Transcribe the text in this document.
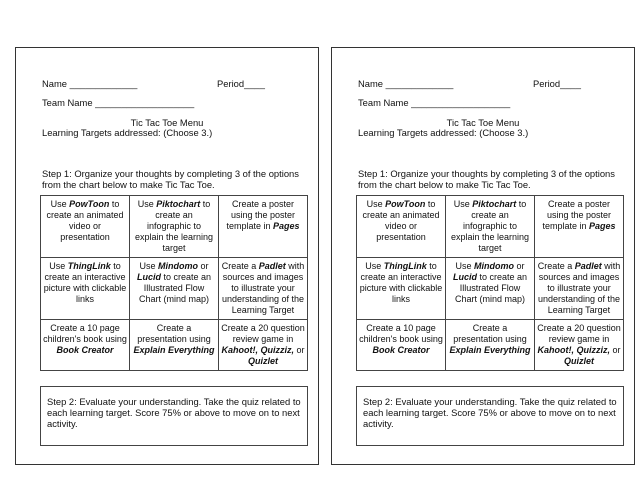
Name _____________	Period____
Team Name ___________________
Tic Tac Toe Menu
Learning Targets addressed: (Choose 3.)
Step 1: Organize your thoughts by completing 3 of the options from the chart below to make Tic Tac Toe.
Use PowToon to create an animated video or presentation	Use Piktochart to create an infographic to explain the learning target	Create a poster using the poster template in Pages
Use ThingLink to create an interactive picture with clickable links	Use Mindomo or Lucid to create an Illustrated Flow Chart (mind map)	Create a Padlet with sources and images to illustrate your understanding of the Learning Target
Create a 10 page children's book using Book Creator	Create a presentation using Explain Everything	Create a 20 question review game in Kahoot!, Quizziz, or Quizlet
Step 2: Evaluate your understanding. Take the quiz related to each learning target. Score 75% or above to move on to next activity.
Name _____________	Period____
Team Name ___________________
Tic Tac Toe Menu
Learning Targets addressed: (Choose 3.)
Step 1: Organize your thoughts by completing 3 of the options from the chart below to make Tic Tac Toe.
Use PowToon to create an animated video or presentation	Use Piktochart to create an infographic to explain the learning target	Create a poster using the poster template in Pages
Use ThingLink to create an interactive picture with clickable links	Use Mindomo or Lucid to create an Illustrated Flow Chart (mind map)	Create a Padlet with sources and images to illustrate your understanding of the Learning Target
Create a 10 page children's book using Book Creator	Create a presentation using Explain Everything	Create a 20 question review game in Kahoot!, Quizziz, or Quizlet
Step 2: Evaluate your understanding. Take the quiz related to each learning target. Score 75% or above to move on to next activity.
